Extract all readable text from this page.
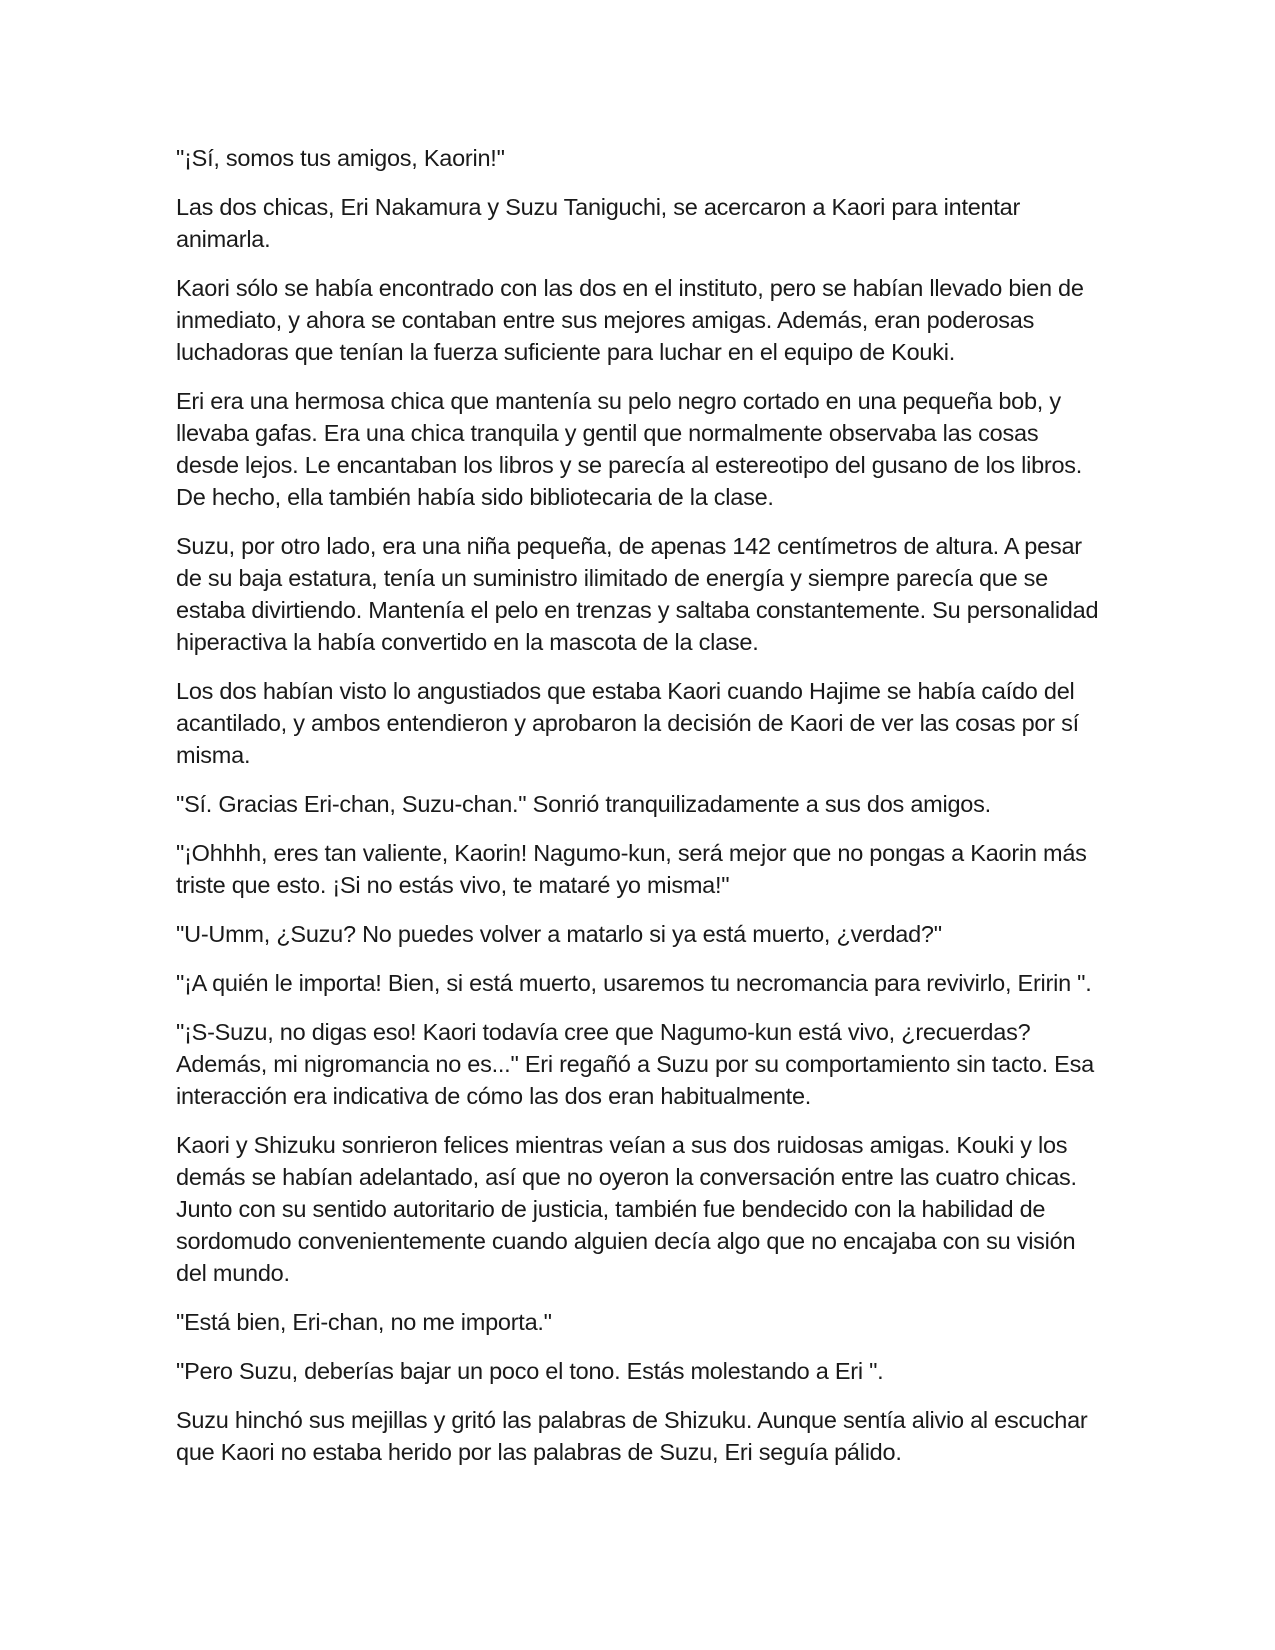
"¡Sí, somos tus amigos, Kaorin!"

Las dos chicas, Eri Nakamura y Suzu Taniguchi, se acercaron a Kaori para intentar animarla.

Kaori sólo se había encontrado con las dos en el instituto, pero se habían llevado bien de inmediato, y ahora se contaban entre sus mejores amigas. Además, eran poderosas luchadoras que tenían la fuerza suficiente para luchar en el equipo de Kouki.

Eri era una hermosa chica que mantenía su pelo negro cortado en una pequeña bob, y llevaba gafas. Era una chica tranquila y gentil que normalmente observaba las cosas desde lejos. Le encantaban los libros y se parecía al estereotipo del gusano de los libros. De hecho, ella también había sido bibliotecaria de la clase.

Suzu, por otro lado, era una niña pequeña, de apenas 142 centímetros de altura. A pesar de su baja estatura, tenía un suministro ilimitado de energía y siempre parecía que se estaba divirtiendo. Mantenía el pelo en trenzas y saltaba constantemente. Su personalidad hiperactiva la había convertido en la mascota de la clase.

Los dos habían visto lo angustiados que estaba Kaori cuando Hajime se había caído del acantilado, y ambos entendieron y aprobaron la decisión de Kaori de ver las cosas por sí misma.

"Sí. Gracias Eri-chan, Suzu-chan." Sonrió tranquilizadamente a sus dos amigos.

"¡Ohhhh, eres tan valiente, Kaorin! Nagumo-kun, será mejor que no pongas a Kaorin más triste que esto. ¡Si no estás vivo, te mataré yo misma!"

"U-Umm, ¿Suzu? No puedes volver a matarlo si ya está muerto, ¿verdad?"

"¡A quién le importa! Bien, si está muerto, usaremos tu necromancia para revivirlo, Eririn ".

"¡S-Suzu, no digas eso! Kaori todavía cree que Nagumo-kun está vivo, ¿recuerdas? Además, mi nigromancia no es..." Eri regañó a Suzu por su comportamiento sin tacto. Esa interacción era indicativa de cómo las dos eran habitualmente.

Kaori y Shizuku sonrieron felices mientras veían a sus dos ruidosas amigas. Kouki y los demás se habían adelantado, así que no oyeron la conversación entre las cuatro chicas. Junto con su sentido autoritario de justicia, también fue bendecido con la habilidad de sordomudo convenientemente cuando alguien decía algo que no encajaba con su visión del mundo.

"Está bien, Eri-chan, no me importa."

"Pero Suzu, deberías bajar un poco el tono. Estás molestando a Eri ".

Suzu hinchó sus mejillas y gritó las palabras de Shizuku. Aunque sentía alivio al escuchar que Kaori no estaba herido por las palabras de Suzu, Eri seguía pálido.
